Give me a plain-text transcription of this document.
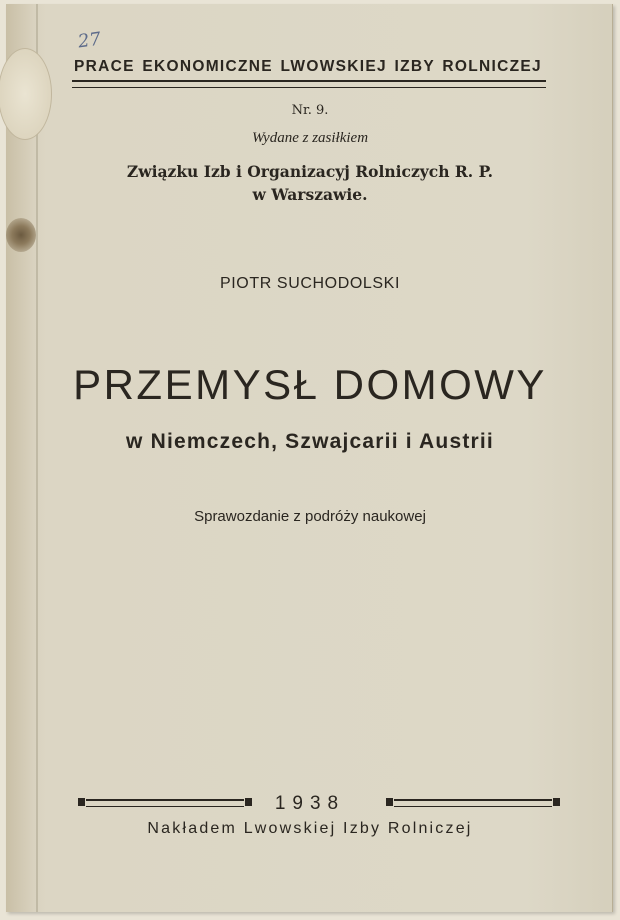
27
PRACE EKONOMICZNE LWOWSKIEJ IZBY ROLNICZEJ
Nr. 9.
Wydane z zasiłkiem
Związku Izb i Organizacyj Rolniczych R. P.
w Warszawie.
PIOTR SUCHODOLSKI
PRZEMYSŁ DOMOWY
w Niemczech, Szwajcarii i Austrii
Sprawozdanie z podróży naukowej
1938
Nakładem Lwowskiej Izby Rolniczej
